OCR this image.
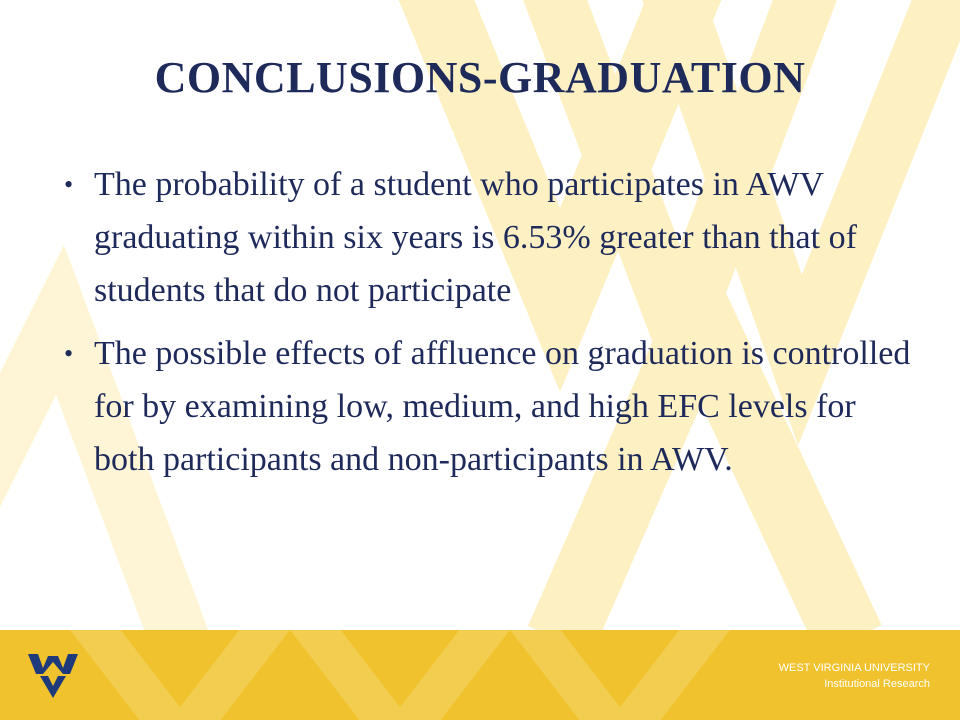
CONCLUSIONS-GRADUATION
• The probability of a student who participates in AWV graduating within six years is 6.53% greater than that of students that do not participate
• The possible effects of affluence on graduation is controlled for by examining low, medium, and high EFC levels for both participants and non-participants in AWV.
WEST VIRGINIA UNIVERSITY
Institutional Research
